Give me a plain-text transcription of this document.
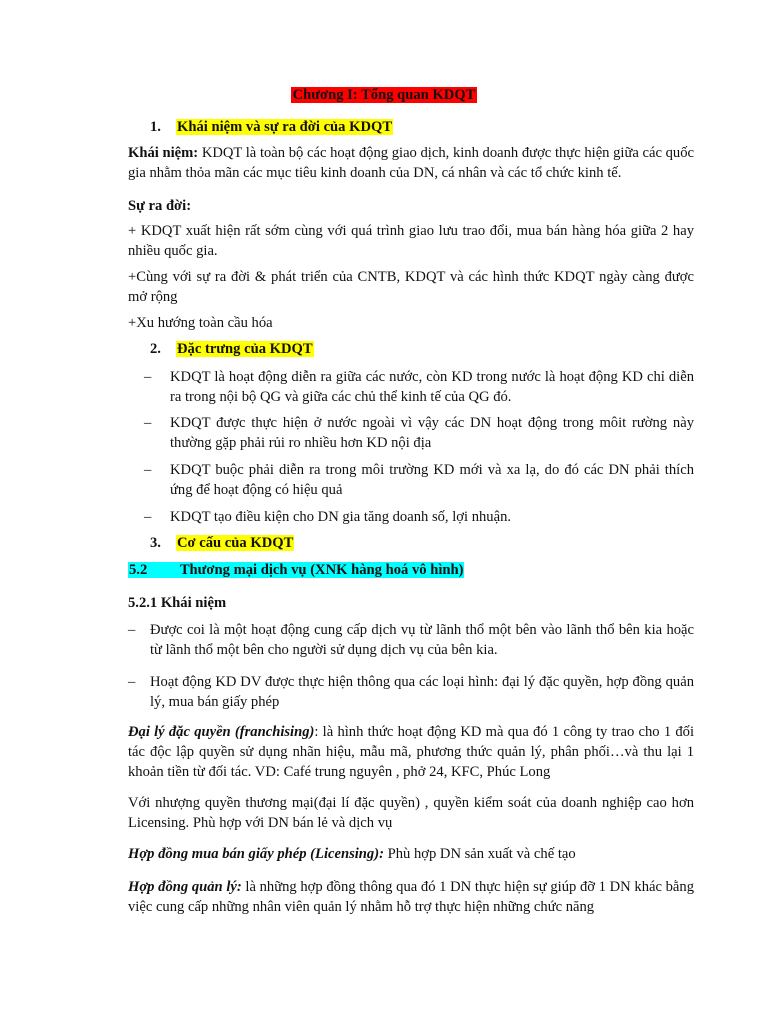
Chương I: Tổng quan KDQT
1. Khái niệm và sự ra đời của KDQT
Khái niệm: KDQT là toàn bộ các hoạt động giao dịch, kinh doanh được thực hiện giữa các quốc gia nhằm thỏa mãn các mục tiêu kinh doanh của DN, cá nhân và các tổ chức kinh tế.
Sự ra đời:
+ KDQT xuất hiện rất sớm cùng với quá trình giao lưu trao đổi, mua bán hàng hóa giữa 2 hay nhiều quốc gia.
+Cùng với sự ra đời & phát triển của CNTB, KDQT và các hình thức KDQT ngày càng được mở rộng
+Xu hướng toàn cầu hóa
2. Đặc trưng của KDQT
– KDQT là hoạt động diễn ra giữa các nước, còn KD trong nước là hoạt động KD chỉ diễn ra trong nội bộ QG và giữa các chủ thể kinh tế của QG đó.
– KDQT được thực hiện ở nước ngoài vì vậy các DN hoạt động trong môit rường này thường gặp phải rủi ro nhiều hơn KD nội địa
– KDQT buộc phải diễn ra trong môi trường KD mới và xa lạ, do đó các DN phải thích ứng để hoạt động có hiệu quả
– KDQT tạo điều kiện cho DN gia tăng doanh số, lợi nhuận.
3. Cơ cấu của KDQT
5.2         Thương mại dịch vụ (XNK hàng hoá vô hình)
5.2.1 Khái niệm
– Được coi là một hoạt động cung cấp dịch vụ từ lãnh thổ một bên vào lãnh thổ bên kia hoặc từ lãnh thổ một bên cho người sử dụng dịch vụ của bên kia.
– Hoạt động KD DV được thực hiện thông qua các loại hình: đại lý đặc quyền, hợp đồng quản lý, mua bán giấy phép
Đại lý đặc quyền (franchising): là hình thức hoạt động KD mà qua đó 1 công ty trao cho 1 đối tác độc lập quyền sử dụng nhãn hiệu, mẫu mã, phương thức quản lý, phân phối…và thu lại 1 khoản tiền từ đối tác. VD: Café trung nguyên , phở 24, KFC, Phúc Long
Với nhượng quyền thương mại(đại lí đặc quyền) , quyền kiểm soát của doanh nghiệp cao hơn Licensing. Phù hợp với DN bán lẻ và dịch vụ
Hợp đồng mua bán giấy phép (Licensing): Phù hợp DN sản xuất và chế tạo
Hợp đồng quản lý: là những hợp đồng thông qua đó 1 DN thực hiện sự giúp đỡ 1 DN khác bằng việc cung cấp những nhân viên quản lý nhằm hỗ trợ thực hiện những chức năng
